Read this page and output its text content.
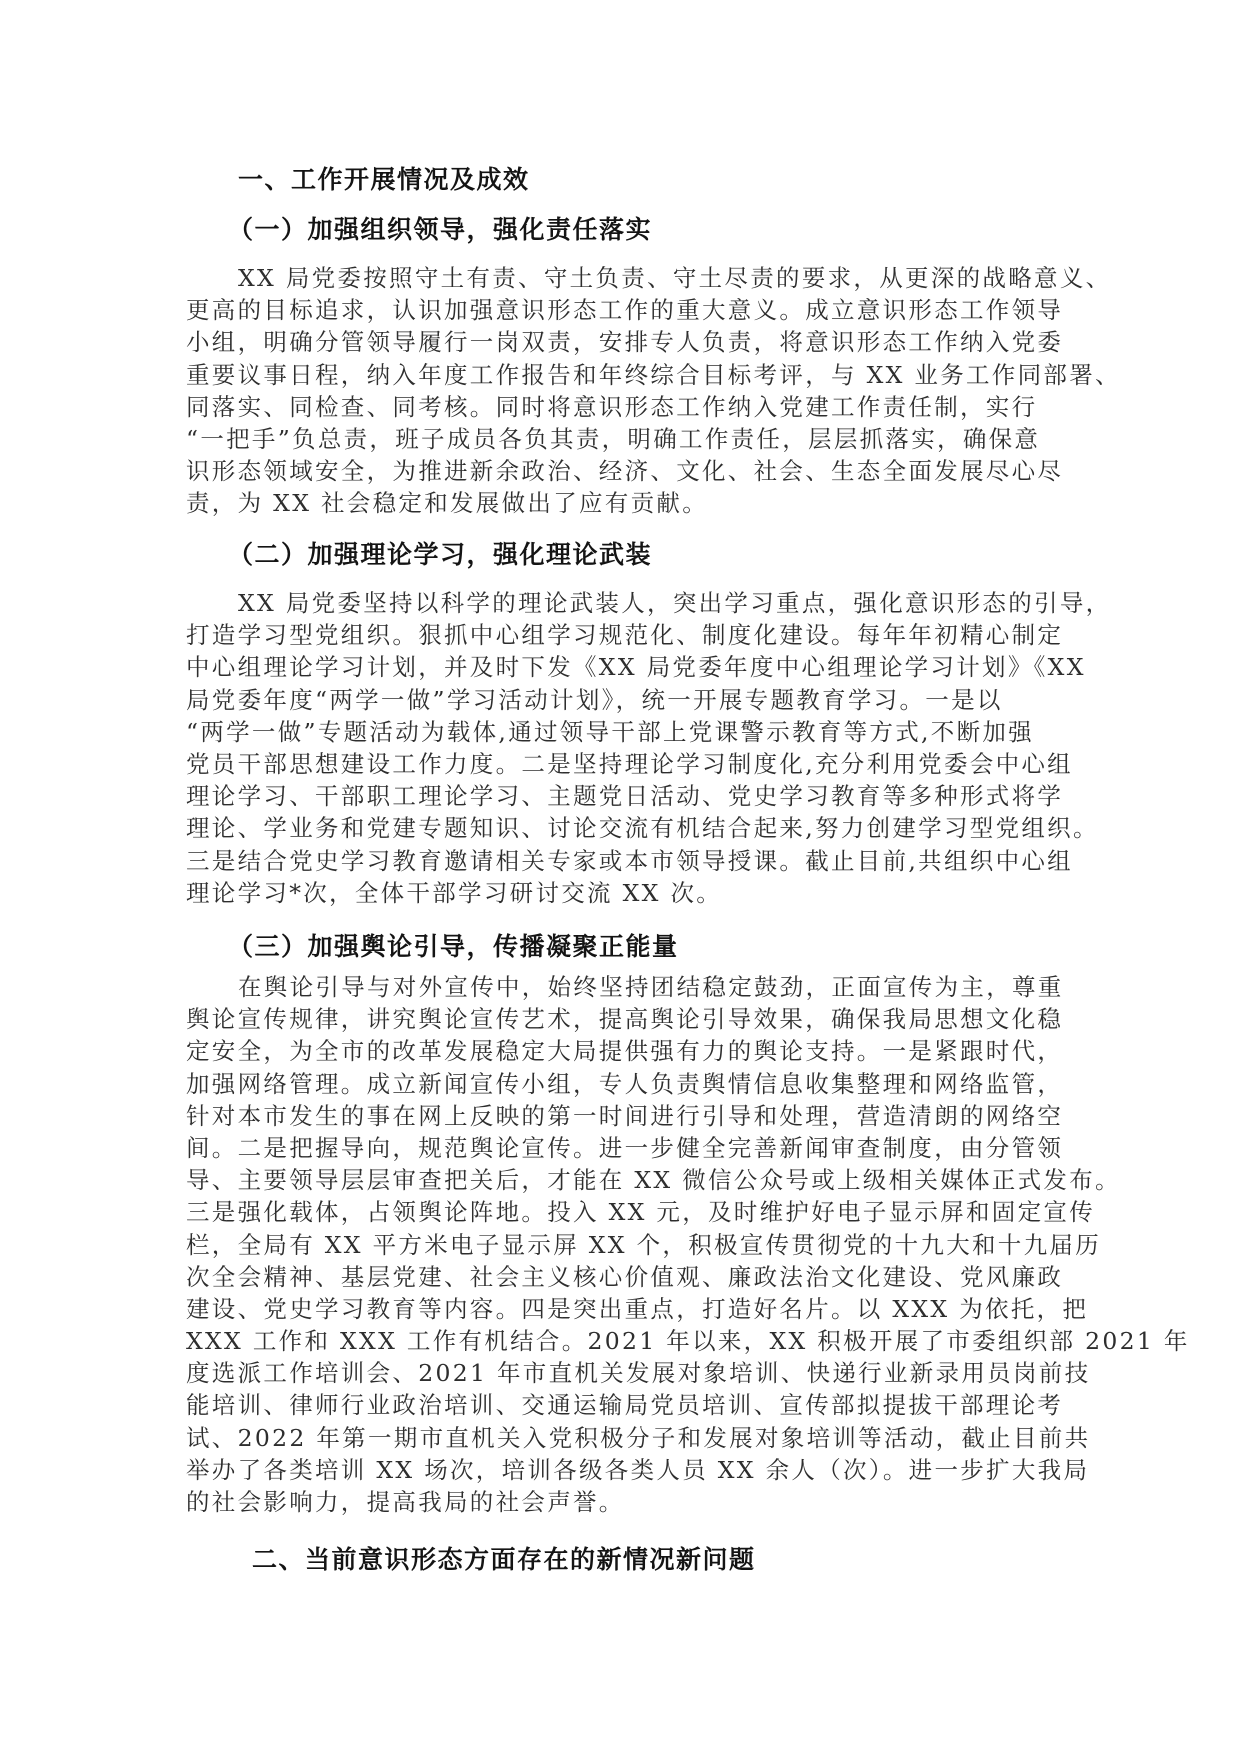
一、工作开展情况及成效
（一）加强组织领导，强化责任落实
XX 局党委按照守土有责、守土负责、守土尽责的要求，从更深的战略意义、
更高的目标追求，认识加强意识形态工作的重大意义。成立意识形态工作领导
小组，明确分管领导履行一岗双责，安排专人负责，将意识形态工作纳入党委
重要议事日程，纳入年度工作报告和年终综合目标考评，与 XX 业务工作同部署、
同落实、同检查、同考核。同时将意识形态工作纳入党建工作责任制，实行
“一把手”负总责，班子成员各负其责，明确工作责任，层层抓落实，确保意
识形态领域安全，为推进新余政治、经济、文化、社会、生态全面发展尽心尽
责，为 XX 社会稳定和发展做出了应有贡献。
（二）加强理论学习，强化理论武装
XX 局党委坚持以科学的理论武装人，突出学习重点，强化意识形态的引导，
打造学习型党组织。狠抓中心组学习规范化、制度化建设。每年年初精心制定
中心组理论学习计划，并及时下发《XX 局党委年度中心组理论学习计划》《XX
局党委年度“两学一做”学习活动计划》，统一开展专题教育学习。一是以
“两学一做”专题活动为载体,通过领导干部上党课警示教育等方式,不断加强
党员干部思想建设工作力度。二是坚持理论学习制度化,充分利用党委会中心组
理论学习、干部职工理论学习、主题党日活动、党史学习教育等多种形式将学
理论、学业务和党建专题知识、讨论交流有机结合起来,努力创建学习型党组织。
三是结合党史学习教育邀请相关专家或本市领导授课。截止目前,共组织中心组
理论学习*次，全体干部学习研讨交流 XX 次。
（三）加强舆论引导，传播凝聚正能量
在舆论引导与对外宣传中，始终坚持团结稳定鼓劲，正面宣传为主，尊重
舆论宣传规律，讲究舆论宣传艺术，提高舆论引导效果，确保我局思想文化稳
定安全，为全市的改革发展稳定大局提供强有力的舆论支持。一是紧跟时代，
加强网络管理。成立新闻宣传小组，专人负责舆情信息收集整理和网络监管，
针对本市发生的事在网上反映的第一时间进行引导和处理，营造清朗的网络空
间。二是把握导向，规范舆论宣传。进一步健全完善新闻审查制度，由分管领
导、主要领导层层审查把关后，才能在 XX 微信公众号或上级相关媒体正式发布。
三是强化载体，占领舆论阵地。投入 XX 元，及时维护好电子显示屏和固定宣传
栏，全局有 XX 平方米电子显示屏 XX 个，积极宣传贯彻党的十九大和十九届历
次全会精神、基层党建、社会主义核心价值观、廉政法治文化建设、党风廉政
建设、党史学习教育等内容。四是突出重点，打造好名片。以 XXX 为依托，把
XXX 工作和 XXX 工作有机结合。2021 年以来，XX 积极开展了市委组织部 2021 年
度选派工作培训会、2021 年市直机关发展对象培训、快递行业新录用员岗前技
能培训、律师行业政治培训、交通运输局党员培训、宣传部拟提拔干部理论考
试、2022 年第一期市直机关入党积极分子和发展对象培训等活动，截止目前共
举办了各类培训 XX 场次，培训各级各类人员 XX 余人（次）。进一步扩大我局
的社会影响力，提高我局的社会声誉。
二、当前意识形态方面存在的新情况新问题
